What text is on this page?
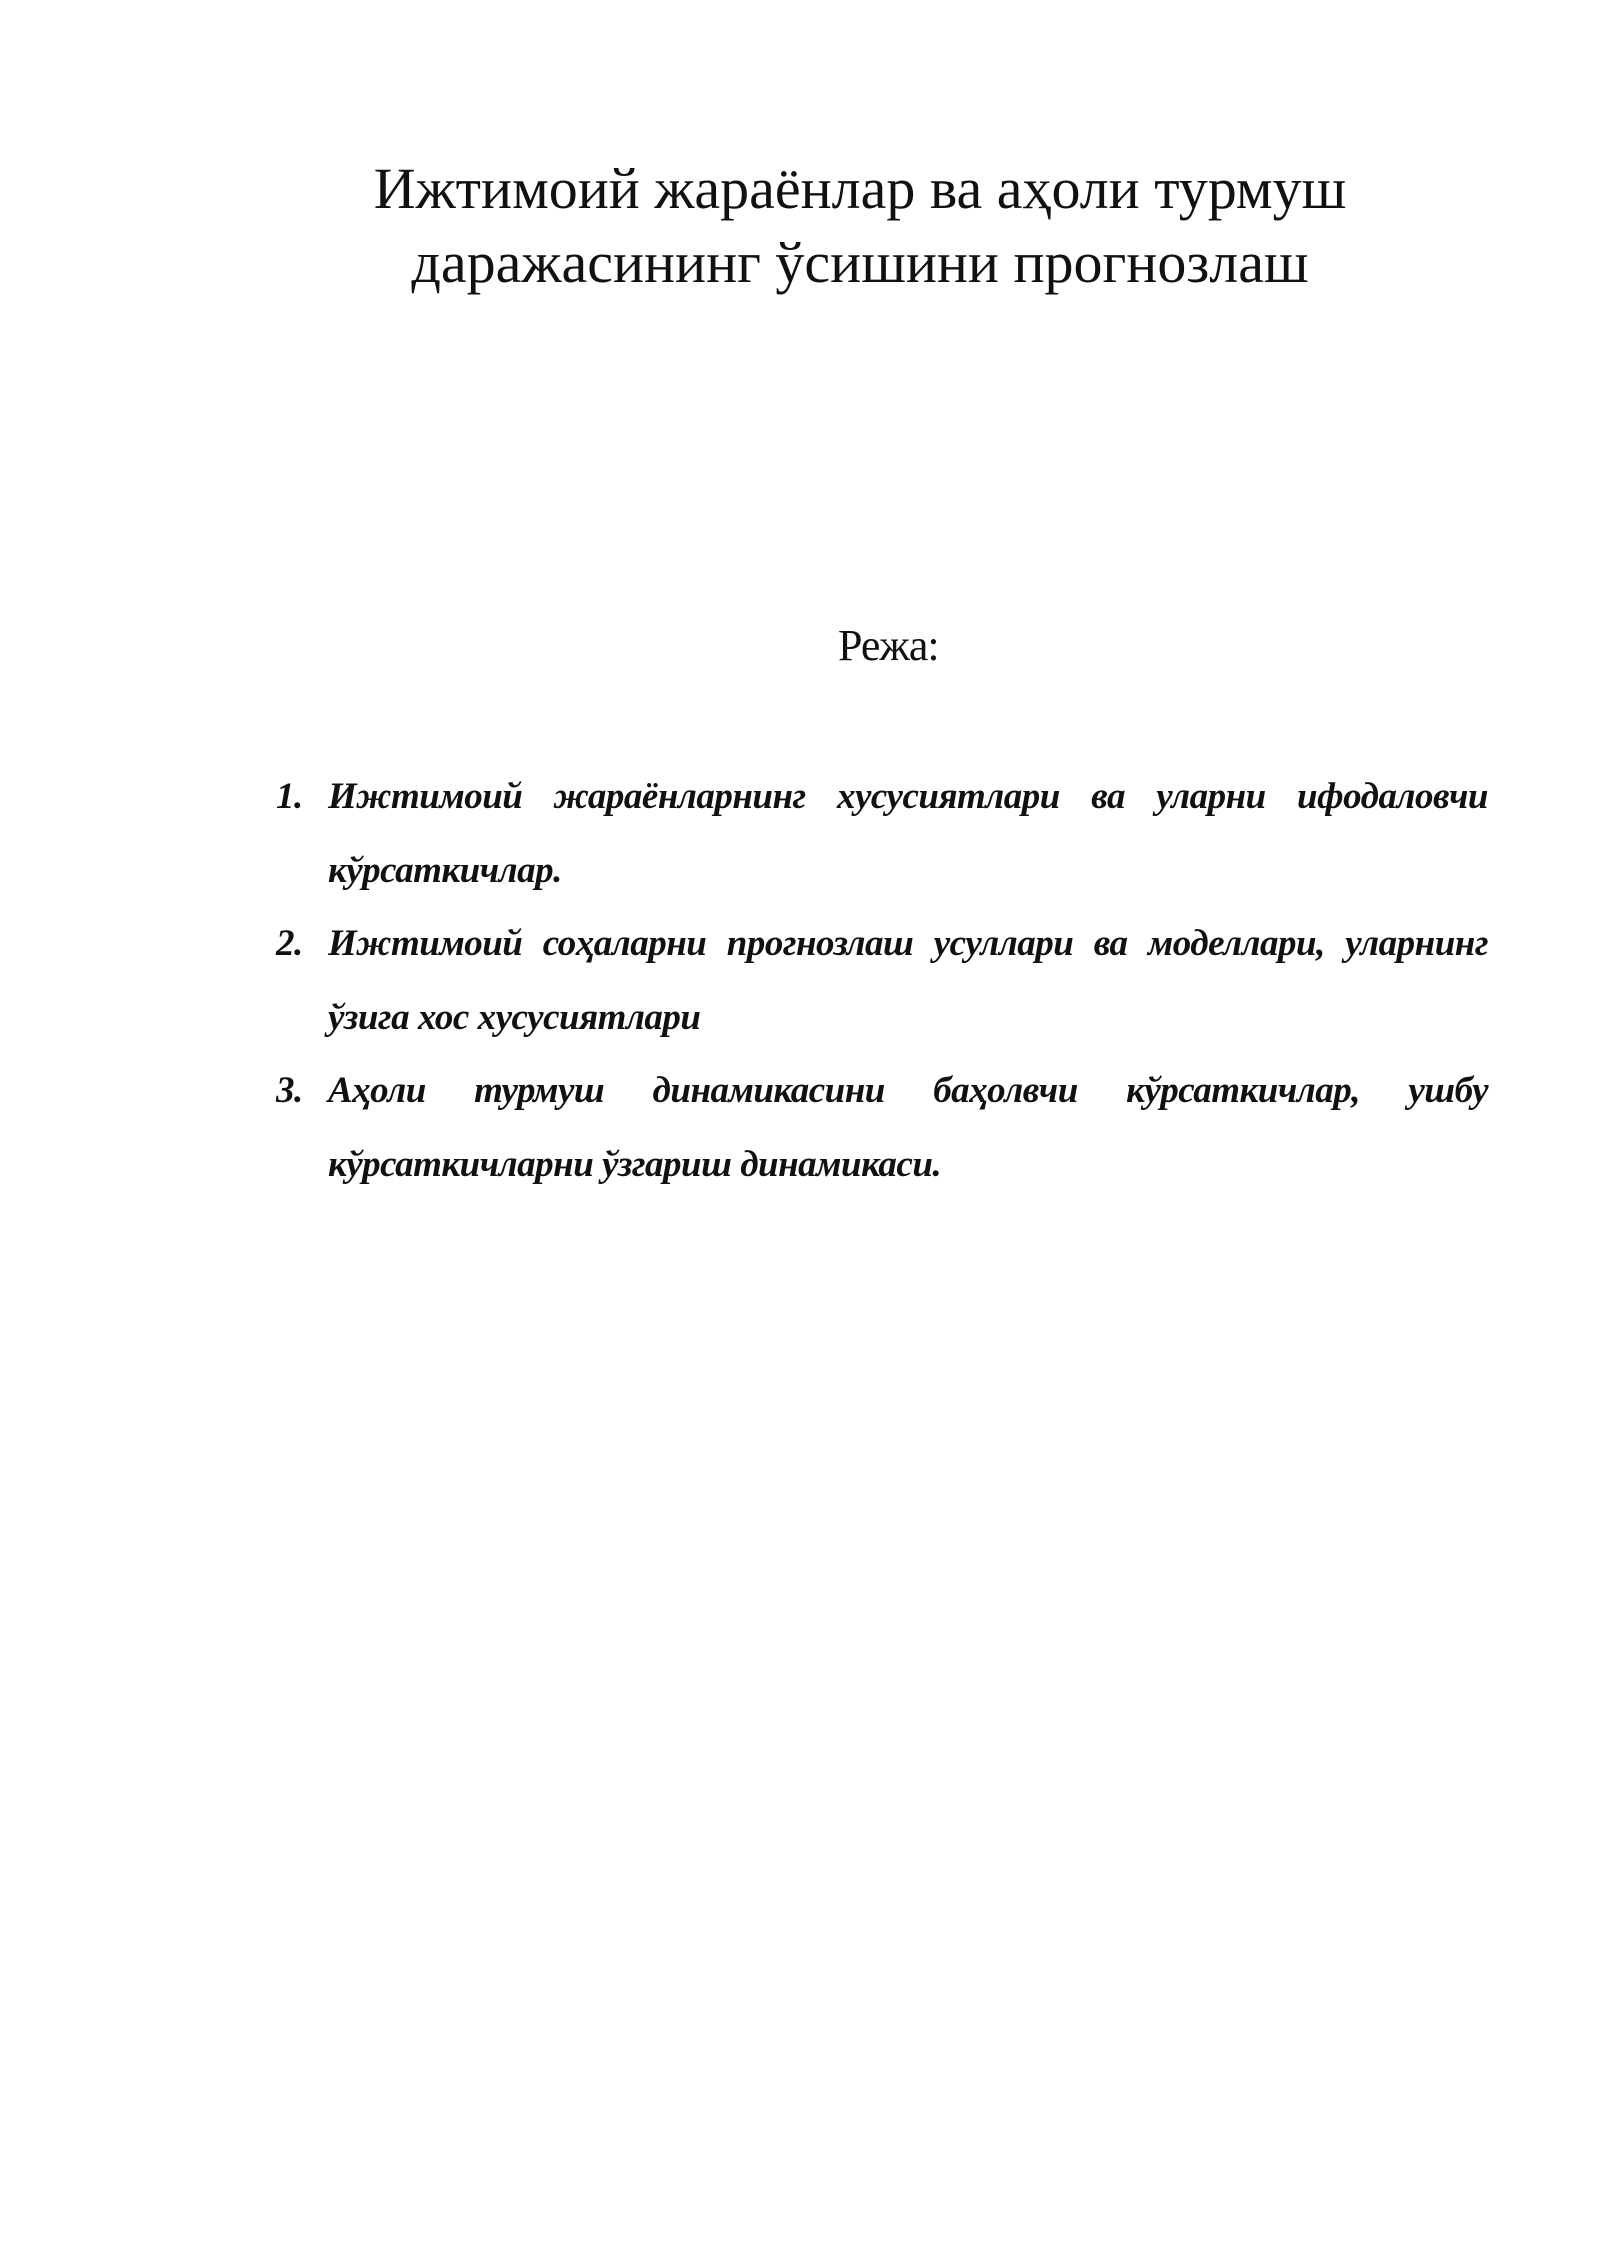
Ижтимоий жараёнлар ва аҳоли турмуш
даражасининг ўсишини прогнозлаш
Режа:
1. Ижтимоий жараёнларнинг хусусиятлари ва уларни ифодаловчи кўрсаткичлар.
2. Ижтимоий соҳаларни прогнозлаш усуллари ва моделлари, уларнинг ўзига хос хусусиятлари
3. Аҳоли турмуш динамикасини баҳолвчи кўрсаткичлар, ушбу кўрсаткичларни ўзгариш динамикаси.
